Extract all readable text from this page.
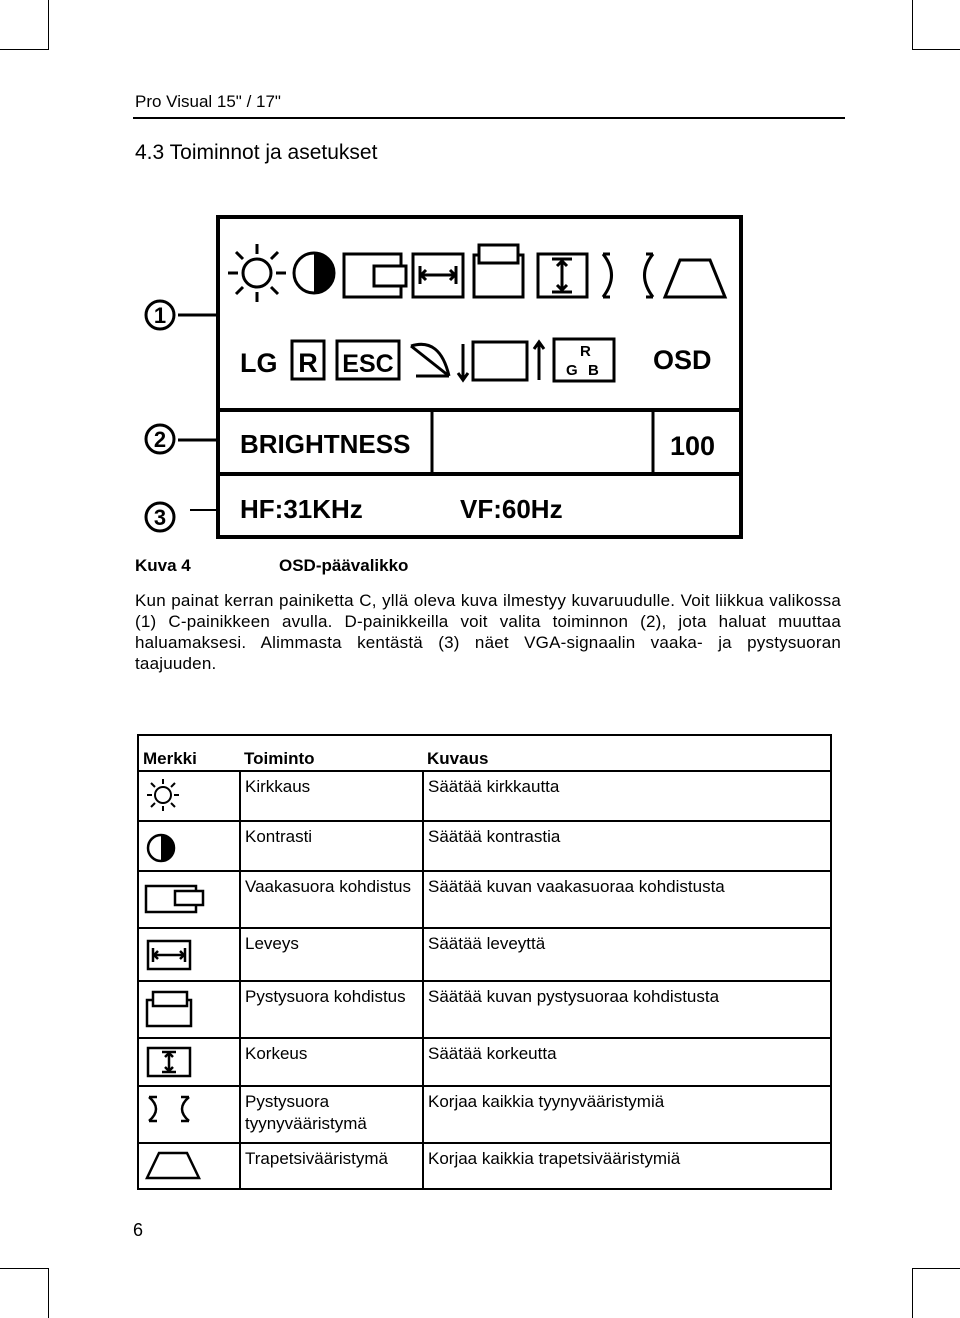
Pro Visual 15" / 17"
4.3 Toiminnot ja asetukset
1
2
3
LG R ESC	R
G B OSD
BRIGHTNESS	100
HF:31KHz	VF:60Hz
Kuva 4	OSD-päävalikko
Kun painat kerran painiketta C, yllä oleva kuva ilmestyy kuvaruudulle. Voit liikkua valikossa (1) C-painikkeen avulla. D-painikkeilla voit valita toiminnon (2), jota haluat muuttaa haluamaksesi. Alimmasta kentästä (3) näet VGA-signaalin vaaka- ja pystysuoran taajuuden.
Merkki	Toiminto	Kuvaus
	Kirkkaus	Säätää kirkkautta
	Kontrasti	Säätää kontrastia
	Vaakasuora kohdistus	Säätää kuvan vaakasuoraa kohdistusta
	Leveys	Säätää leveyttä
	Pystysuora kohdistus	Säätää kuvan pystysuoraa kohdistusta
	Korkeus	Säätää korkeutta
	Pystysuora tyynyvääristymä	Korjaa kaikkia tyynyvääristymiä
	Trapetsivääristymä	Korjaa kaikkia trapetsivääristymiä
6
